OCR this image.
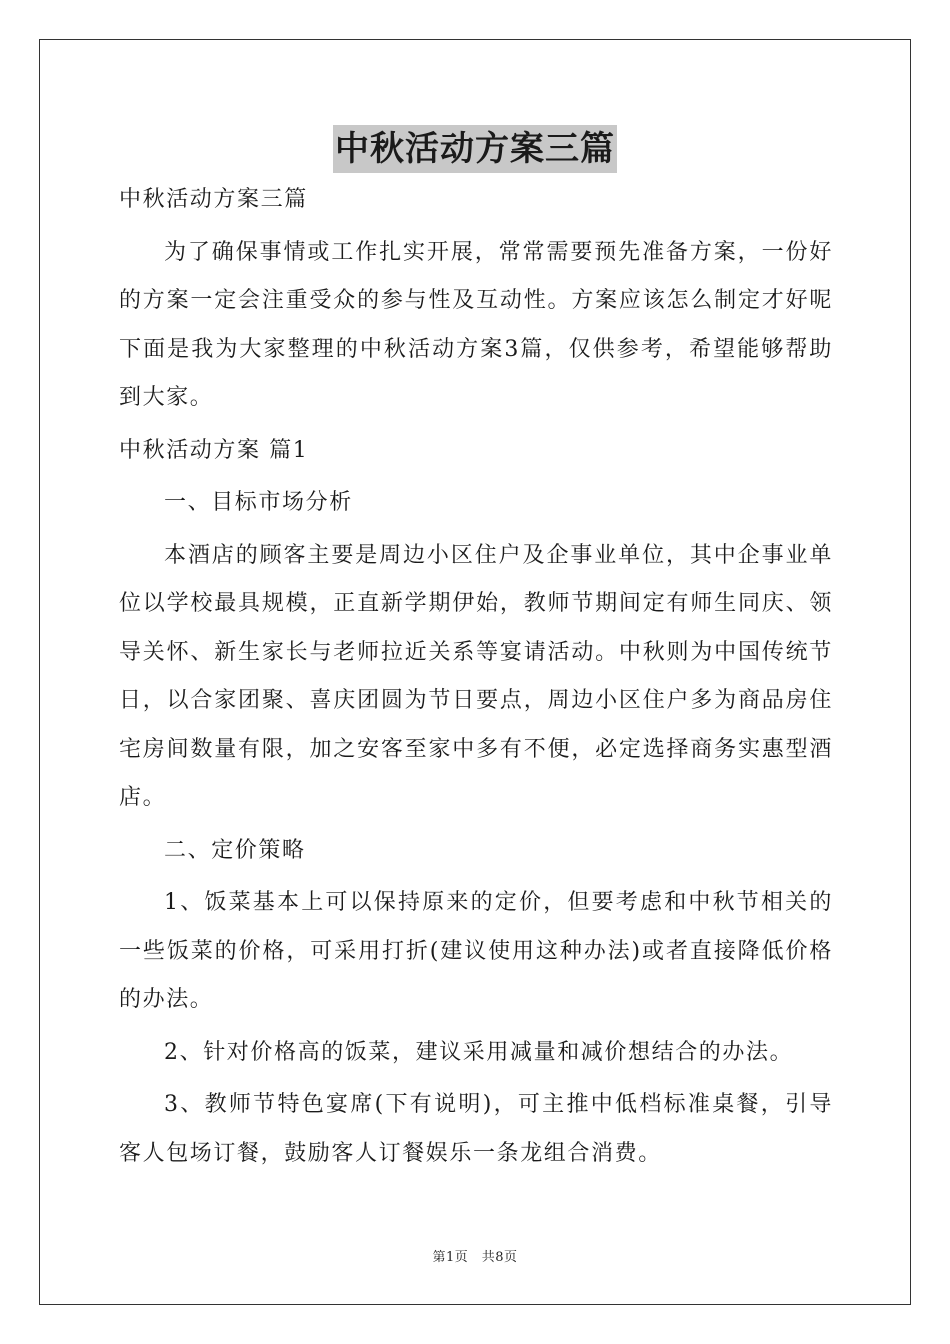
中秋活动方案三篇
中秋活动方案三篇

为了确保事情或工作扎实开展，常常需要预先准备方案，一份好的方案一定会注重受众的参与性及互动性。方案应该怎么制定才好呢下面是我为大家整理的中秋活动方案3篇，仅供参考，希望能够帮助到大家。

中秋活动方案 篇1
一、目标市场分析

本酒店的顾客主要是周边小区住户及企事业单位，其中企事业单位以学校最具规模，正直新学期伊始，教师节期间定有师生同庆、领导关怀、新生家长与老师拉近关系等宴请活动。中秋则为中国传统节日，以合家团聚、喜庆团圆为节日要点，周边小区住户多为商品房住宅房间数量有限，加之安客至家中多有不便，必定选择商务实惠型酒店。

二、定价策略

1、饭菜基本上可以保持原来的定价，但要考虑和中秋节相关的一些饭菜的价格，可采用打折(建议使用这种办法)或者直接降低价格的办法。

2、针对价格高的饭菜，建议采用减量和减价想结合的办法。

3、教师节特色宴席(下有说明)，可主推中低档标准桌餐，引导客人包场订餐，鼓励客人订餐娱乐一条龙组合消费。

第1页　共8页
